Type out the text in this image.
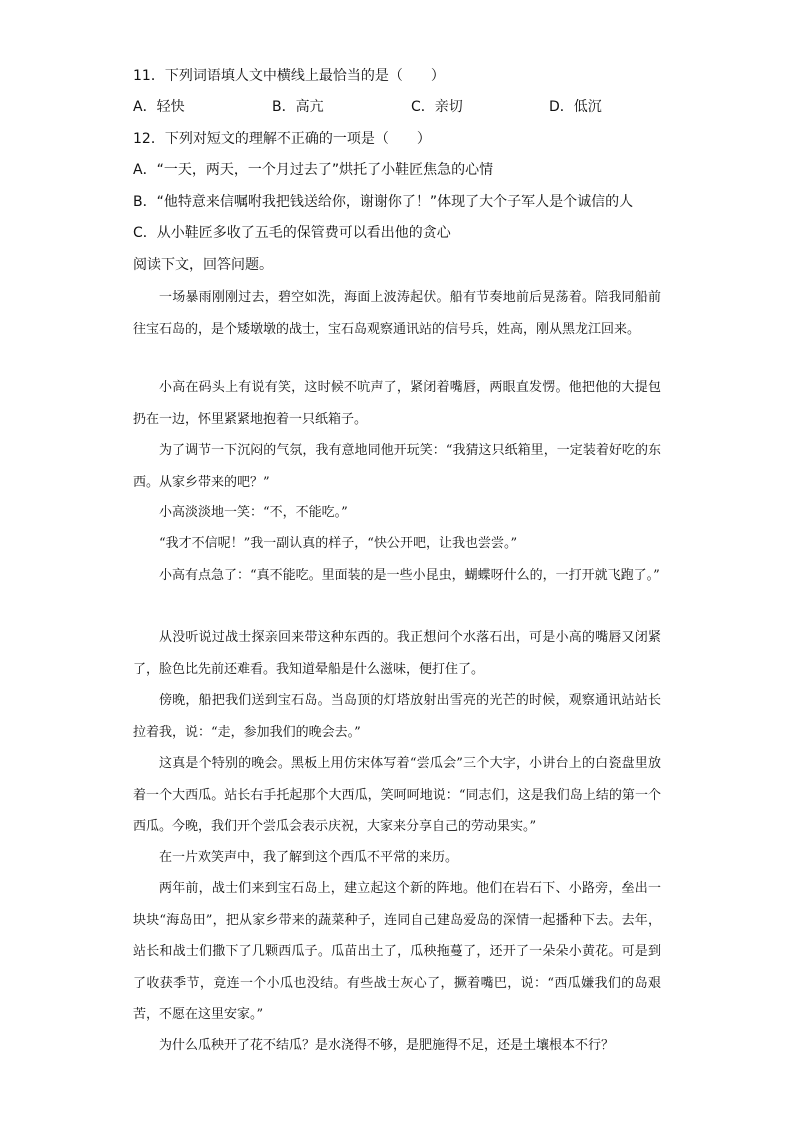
11．下列词语填人文中横线上最恰当的是（　　）
A．轻快	B．高亢	C．亲切	D．低沉
12．下列对短文的理解不正确的一项是（　　）
A．“一天，两天，一个月过去了”烘托了小鞋匠焦急的心情
B．“他特意来信嘱咐我把钱送给你，谢谢你了！”体现了大个子军人是个诚信的人
C．从小鞋匠多收了五毛的保管费可以看出他的贪心
阅读下文，回答问题。

一场暴雨刚刚过去，碧空如洗，海面上波涛起伏。船有节奏地前后晃荡着。陪我同船前往宝石岛的，是个矮墩墩的战士，宝石岛观察通讯站的信号兵，姓高，刚从黑龙江回来。

小高在码头上有说有笑，这时候不吭声了，紧闭着嘴唇，两眼直发愣。他把他的大提包扔在一边，怀里紧紧地抱着一只纸箱子。

为了调节一下沉闷的气氛，我有意地同他开玩笑：“我猜这只纸箱里，一定装着好吃的东西。从家乡带来的吧？”

小高淡淡地一笑：“不，不能吃。”

“我才不信呢！”我一副认真的样子，“快公开吧，让我也尝尝。”

小高有点急了：“真不能吃。里面装的是一些小昆虫，蝴蝶呀什么的，一打开就飞跑了。”

从没听说过战士探亲回来带这种东西的。我正想问个水落石出，可是小高的嘴唇又闭紧了，脸色比先前还难看。我知道晕船是什么滋味，便打住了。

傍晚，船把我们送到宝石岛。当岛顶的灯塔放射出雪亮的光芒的时候，观察通讯站站长拉着我，说：“走，参加我们的晚会去。”

这真是个特别的晚会。黑板上用仿宋体写着“尝瓜会”三个大字，小讲台上的白瓷盘里放着一个大西瓜。站长右手托起那个大西瓜，笑呵呵地说：“同志们，这是我们岛上结的第一个西瓜。今晚，我们开个尝瓜会表示庆祝，大家来分享自己的劳动果实。”

在一片欢笑声中，我了解到这个西瓜不平常的来历。

两年前，战士们来到宝石岛上，建立起这个新的阵地。他们在岩石下、小路旁，垒出一块块“海岛田”，把从家乡带来的蔬菜种子，连同自己建岛爱岛的深情一起播种下去。去年，站长和战士们撒下了几颗西瓜子。瓜苗出土了，瓜秧拖蔓了，还开了一朵朵小黄花。可是到了收获季节，竟连一个小瓜也没结。有些战士灰心了，撅着嘴巴，说：“西瓜嫌我们的岛艰苦，不愿在这里安家。”

为什么瓜秧开了花不结瓜？是水浇得不够，是肥施得不足，还是土壤根本不行？
